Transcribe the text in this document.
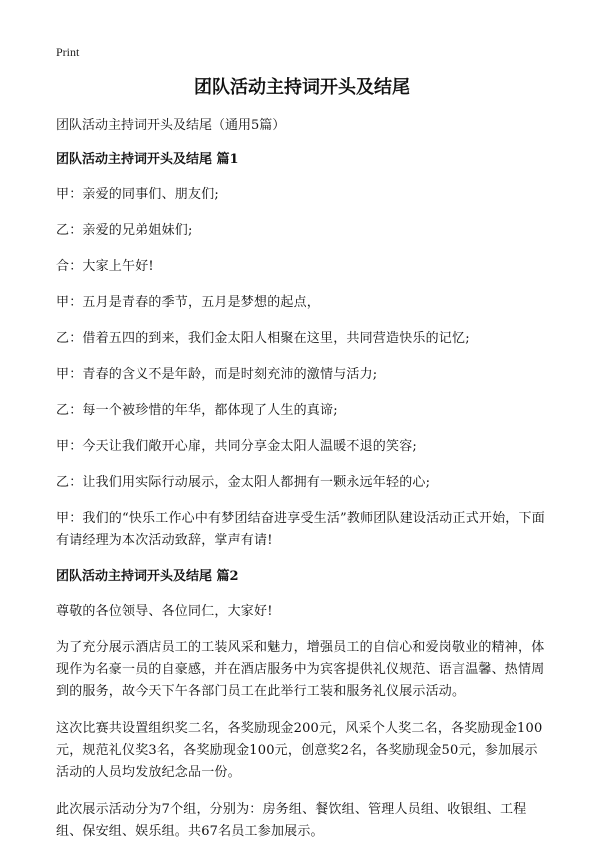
Print
团队活动主持词开头及结尾
团队活动主持词开头及结尾（通用5篇）
团队活动主持词开头及结尾 篇1
甲：亲爱的同事们、朋友们;
乙：亲爱的兄弟姐妹们;
合：大家上午好!
甲：五月是青春的季节，五月是梦想的起点，
乙：借着五四的到来，我们金太阳人相聚在这里，共同营造快乐的记忆;
甲：青春的含义不是年龄，而是时刻充沛的激情与活力;
乙：每一个被珍惜的年华，都体现了人生的真谛;
甲：今天让我们敞开心扉，共同分享金太阳人温暖不退的笑容;
乙：让我们用实际行动展示，金太阳人都拥有一颗永远年轻的心;
甲：我们的“快乐工作心中有梦团结奋进享受生活”教师团队建设活动正式开始，下面有请经理为本次活动致辞，掌声有请!
团队活动主持词开头及结尾 篇2
尊敬的各位领导、各位同仁，大家好!
为了充分展示酒店员工的工装风采和魅力，增强员工的自信心和爱岗敬业的精神，体现作为名豪一员的自豪感，并在酒店服务中为宾客提供礼仪规范、语言温馨、热情周到的服务，故今天下午各部门员工在此举行工装和服务礼仪展示活动。
这次比赛共设置组织奖二名，各奖励现金200元，风采个人奖二名，各奖励现金100元，规范礼仪奖3名，各奖励现金100元，创意奖2名，各奖励现金50元，参加展示活动的人员均发放纪念品一份。
此次展示活动分为7个组，分别为：房务组、餐饮组、管理人员组、收银组、工程组、保安组、娱乐组。共67名员工参加展示。
